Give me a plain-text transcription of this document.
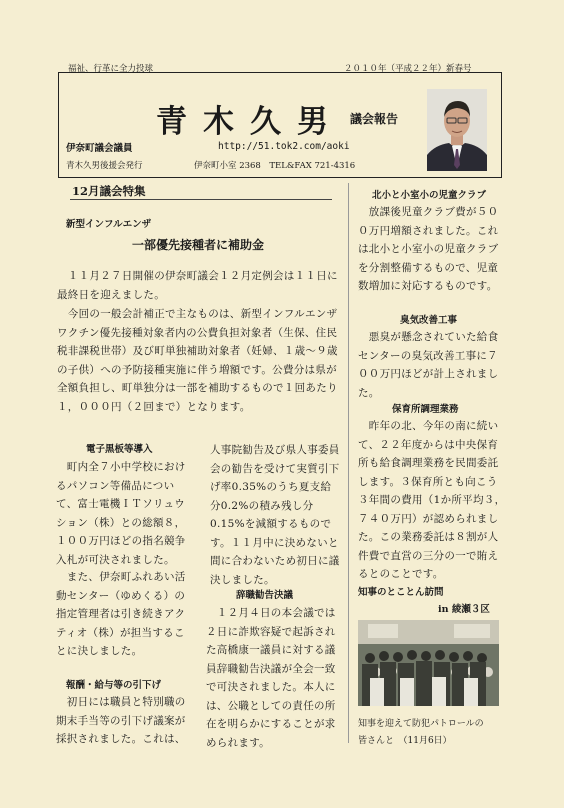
福祉、行革に全力投球	２０１０年（平成２２年）新春号
青木久男 議会報告
伊奈町議会議員	http://51.tok2.com/aoki
青木久男後援会発行	伊奈町小室 2368　TEL&FAX 721-4316
12月議会特集
新型インフルエンザ
一部優先接種者に補助金
　１１月２７日開催の伊奈町議会１２月定例会は１１日に最終日を迎えました。
　今回の一般会計補正で主なものは、新型インフルエンザワクチン優先接種対象者内の公費負担対象者（生保、住民税非課税世帯）及び町単独補助対象者（妊婦、１歳～９歳の子供）への予防接種実施に伴う増額です。公費分は県が全額負担し、町単独分は一部を補助するもので１回あたり１，０００円（２回まで）となります。
電子黒板等導入
　町内全７小中学校におけるパソコン等備品について、富士電機ＩＴソリュウション（株）との総額８，１００万円ほどの指名競争入札が可決されました。
　また、伊奈町ふれあい活動センター（ゆめくる）の指定管理者は引き続きアクティオ（株）が担当することに決しました。
報酬・給与等の引下げ
　初日には職員と特別職の期末手当等の引下げ議案が採択されました。これは、
人事院勧告及び県人事委員会の勧告を受けて実質引下げ率0.35%のうち夏支給分0.2%の積み残し分0.15%を減額するものです。１１月中に決めないと間に合わないため初日に議決しました。
辞職勧告決議
　１２月４日の本会議では２日に詐欺容疑で起訴された高橋康一議員に対する議員辞職勧告決議が全会一致で可決されました。本人には、公職としての責任の所在を明らかにすることが求められます。
北小と小室小の児童クラブ
　放課後児童クラブ費が５００万円増額されました。これは北小と小室小の児童クラブを分割整備するもので、児童数増加に対応するものです。
臭気改善工事
　悪臭が懸念されていた給食センターの臭気改善工事に７００万円ほどが計上されました。
保育所調理業務
　昨年の北、今年の南に続いて、２２年度からは中央保育所も給食調理業務を民間委託します。３保育所とも向こう３年間の費用（1か所平均３，７４０万円）が認められました。この業務委託は８割が人件費で直営の三分の一で賄えるとのことです。
知事のとことん訪問
in 綾瀬３区
知事を迎えて防犯パトロールの
皆さんと　（11月6日）
